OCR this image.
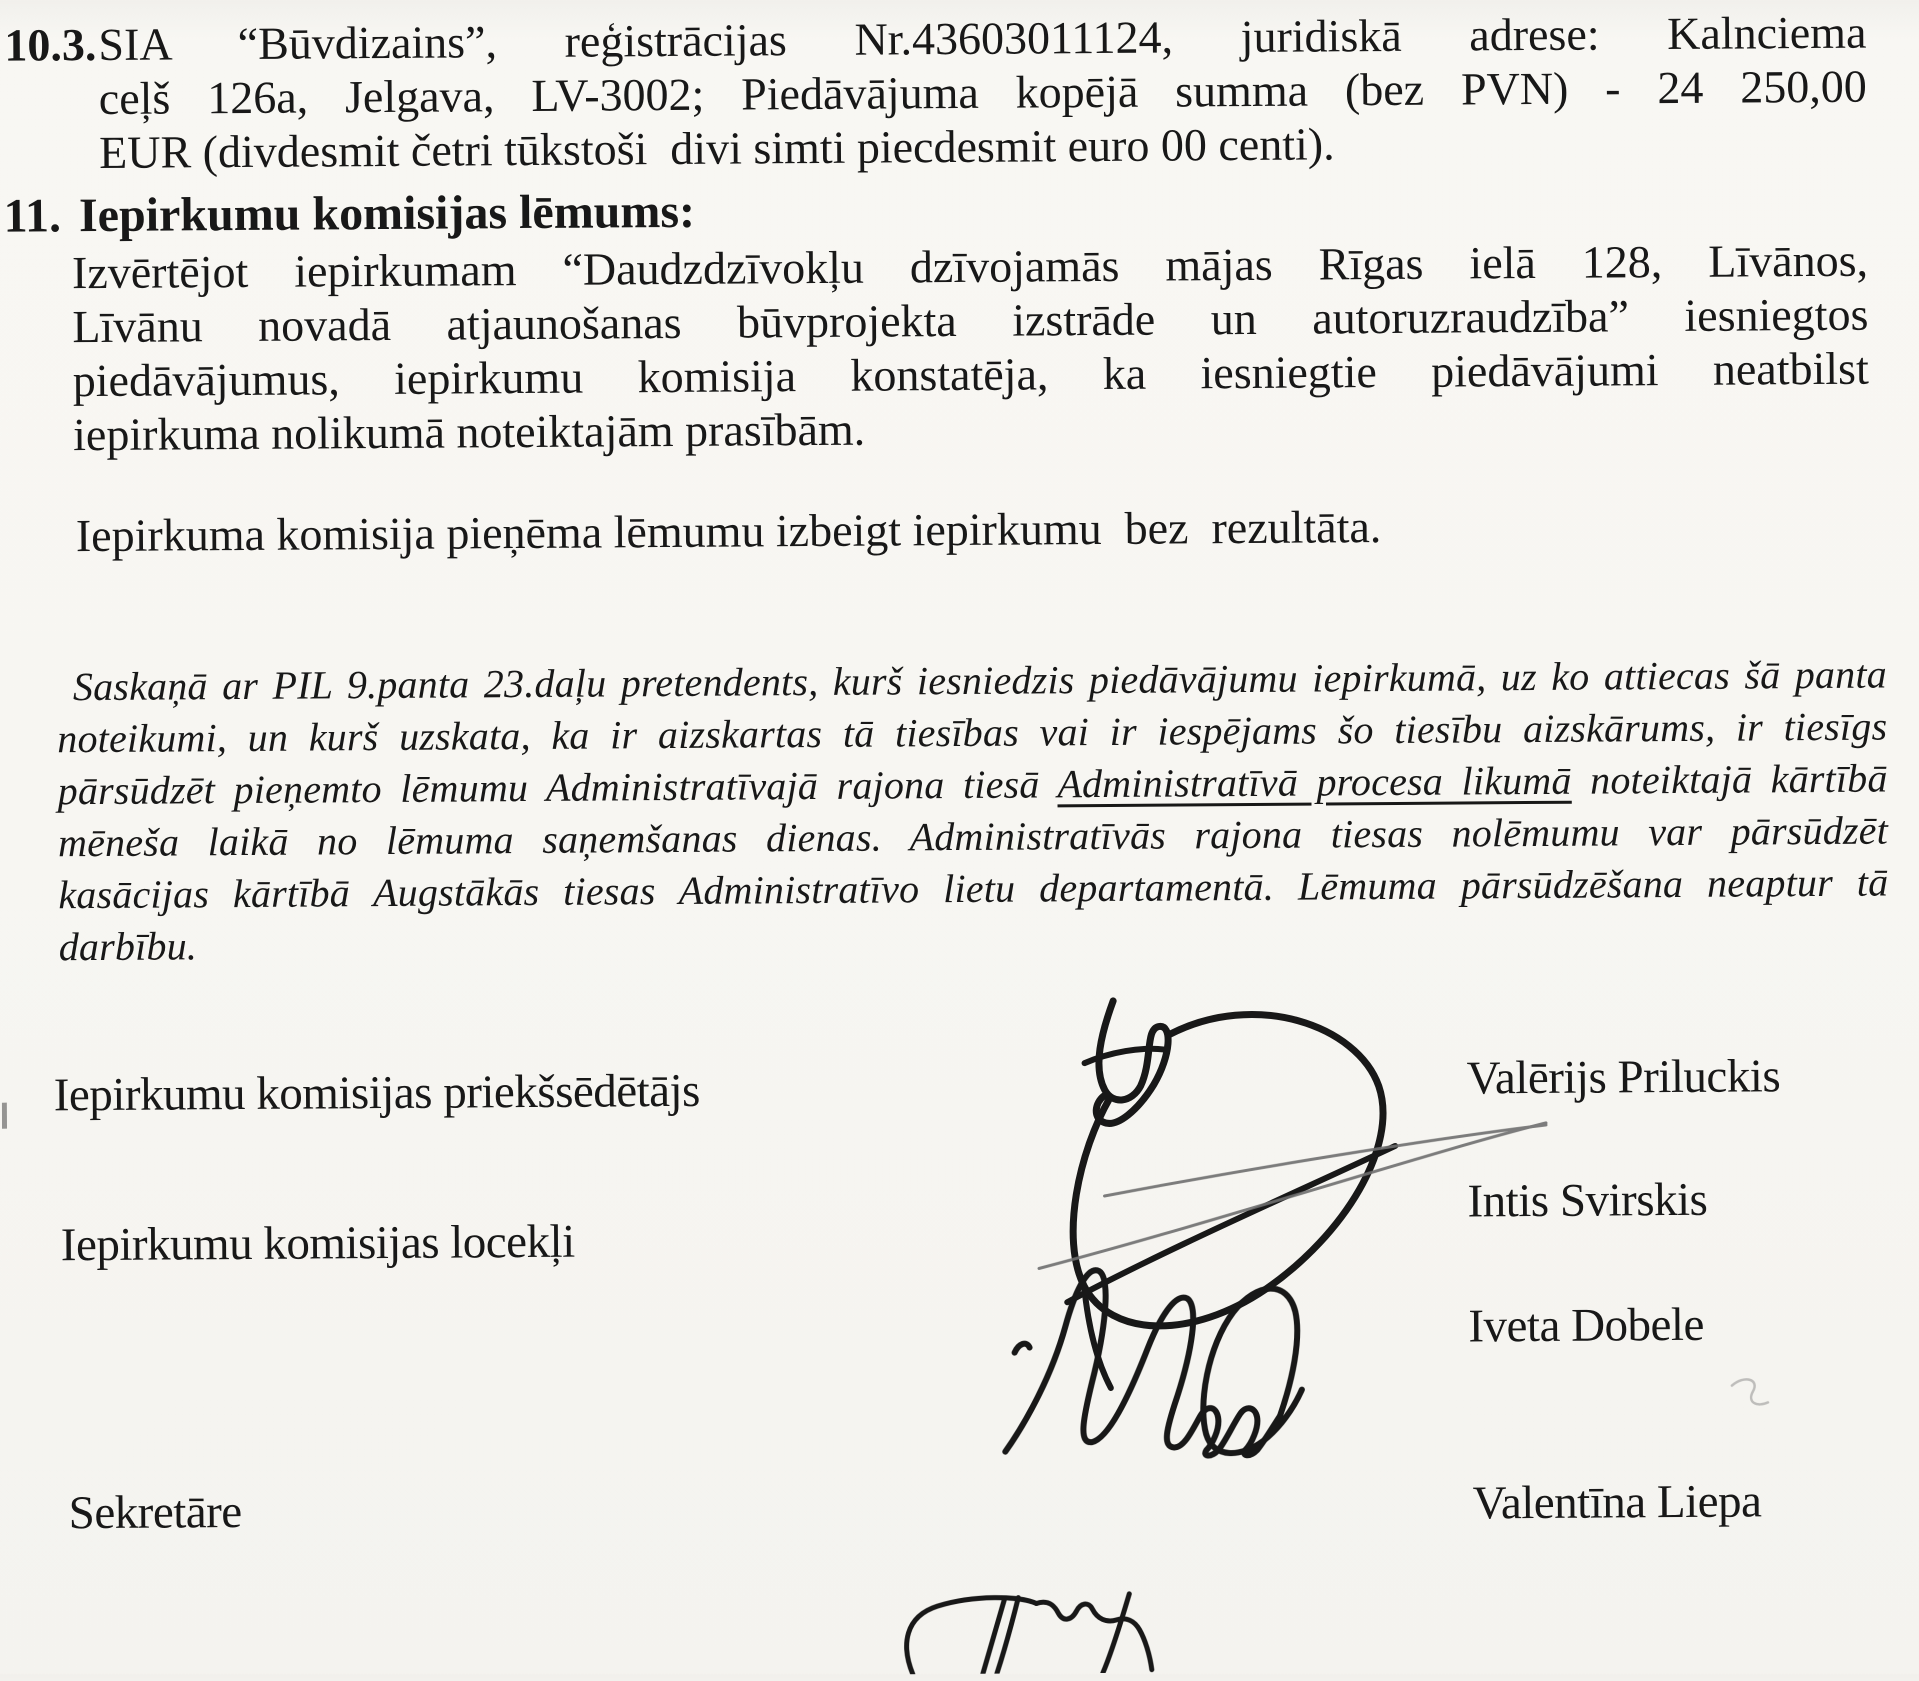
10.3. SIA “Būvdizains”, reģistrācijas Nr.43603011124, juridiskā adrese: Kalnciema
ceļš 126a, Jelgava, LV-3002; Piedāvājuma kopējā summa (bez PVN) - 24 250,00
EUR (divdesmit četri tūkstoši  divi simti piecdesmit euro 00 centi).
11. Iepirkumu komisijas lēmums:
Izvērtējot iepirkumam “Daudzdzīvokļu dzīvojamās mājas Rīgas ielā 128, Līvānos,
Līvānu novadā atjaunošanas būvprojekta izstrāde un autoruzraudzība” iesniegtos
piedāvājumus, iepirkumu komisija konstatēja, ka iesniegtie piedāvājumi neatbilst
iepirkuma nolikumā noteiktajām prasībām.
Iepirkuma komisija pieņēma lēmumu izbeigt iepirkumu  bez  rezultāta.
Saskaņā ar PIL 9.panta 23.daļu pretendents, kurš iesniedzis piedāvājumu iepirkumā, uz ko attiecas šā panta
noteikumi, un kurš uzskata, ka ir aizskartas tā tiesības vai ir iespējams šo tiesību aizskārums, ir tiesīgs
pārsūdzēt pieņemto lēmumu Administratīvajā rajona tiesā Administratīvā procesa likumā noteiktajā kārtībā
mēneša laikā no lēmuma saņemšanas dienas. Administratīvās rajona tiesas nolēmumu var pārsūdzēt
kasācijas kārtībā Augstākās tiesas Administratīvo lietu departamentā. Lēmuma pārsūdzēšana neaptur tā
darbību.
Iepirkumu komisijas priekšsēdētājs
Iepirkumu komisijas locekļi
Sekretāre
Valērijs Priluckis
Intis Svirskis
Iveta Dobele
Valentīna Liepa
